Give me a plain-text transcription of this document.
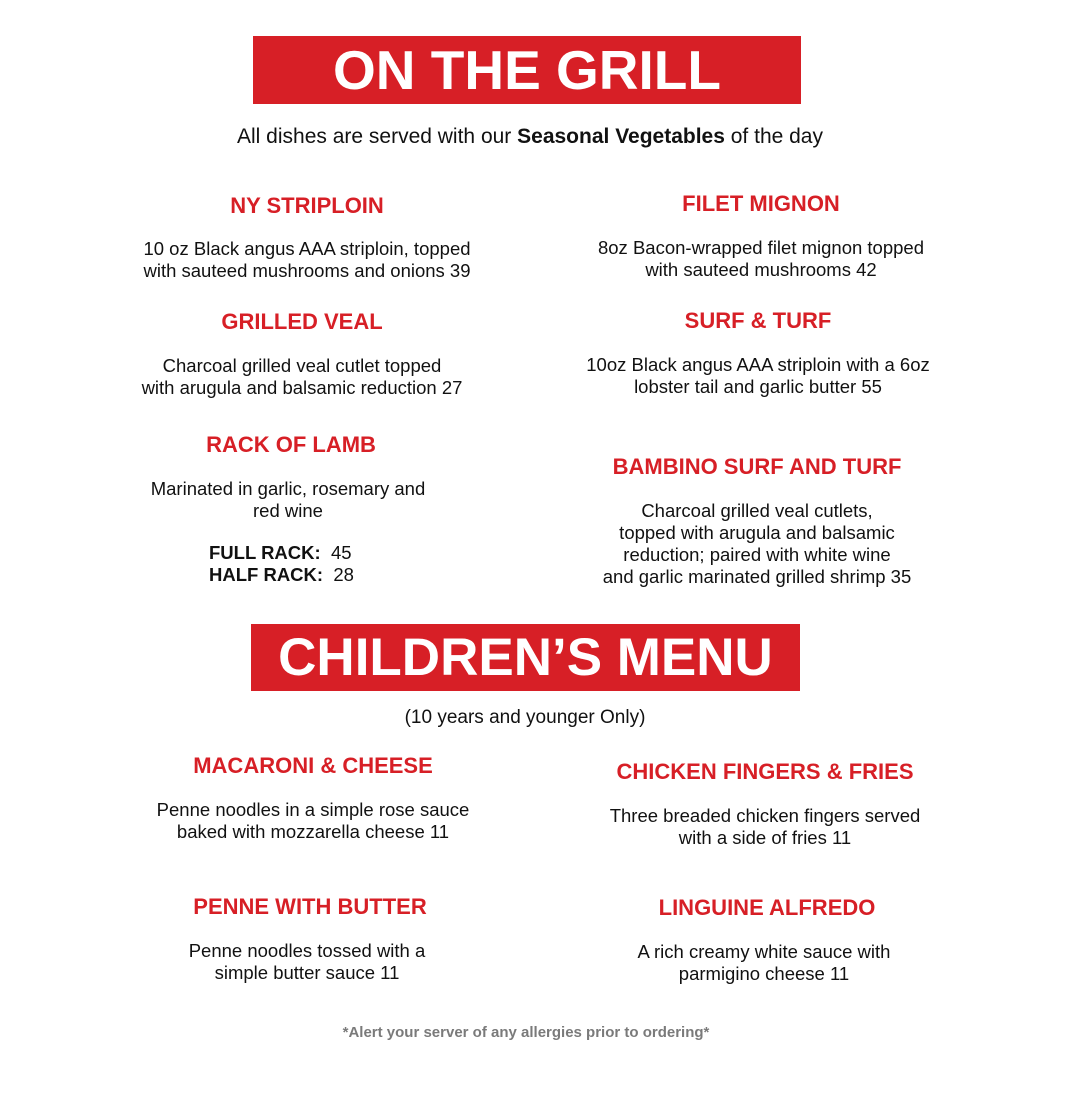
ON THE GRILL
All dishes are served with our Seasonal Vegetables of the day
NY STRIPLOIN
10 oz Black angus AAA striploin, topped
with sauteed mushrooms and onions 39
FILET MIGNON
8oz Bacon-wrapped filet mignon topped
with sauteed mushrooms 42
GRILLED VEAL
Charcoal grilled veal cutlet topped
with arugula and balsamic reduction 27
SURF & TURF
10oz Black angus AAA striploin with a 6oz
lobster tail and garlic butter 55
RACK OF LAMB
Marinated in garlic, rosemary and
red wine
FULL RACK: 45
HALF RACK: 28
BAMBINO SURF AND TURF
Charcoal grilled veal cutlets,
topped with arugula and balsamic
reduction; paired with white wine
and garlic marinated grilled shrimp 35
CHILDREN’S MENU
(10 years and younger Only)
MACARONI & CHEESE
Penne noodles in a simple rose sauce
baked with mozzarella cheese 11
CHICKEN FINGERS & FRIES
Three breaded chicken fingers served
with a side of fries 11
PENNE WITH BUTTER
Penne noodles tossed with a
simple butter sauce 11
LINGUINE ALFREDO
A rich creamy white sauce with
parmigino cheese 11
*Alert your server of any allergies prior to ordering*
